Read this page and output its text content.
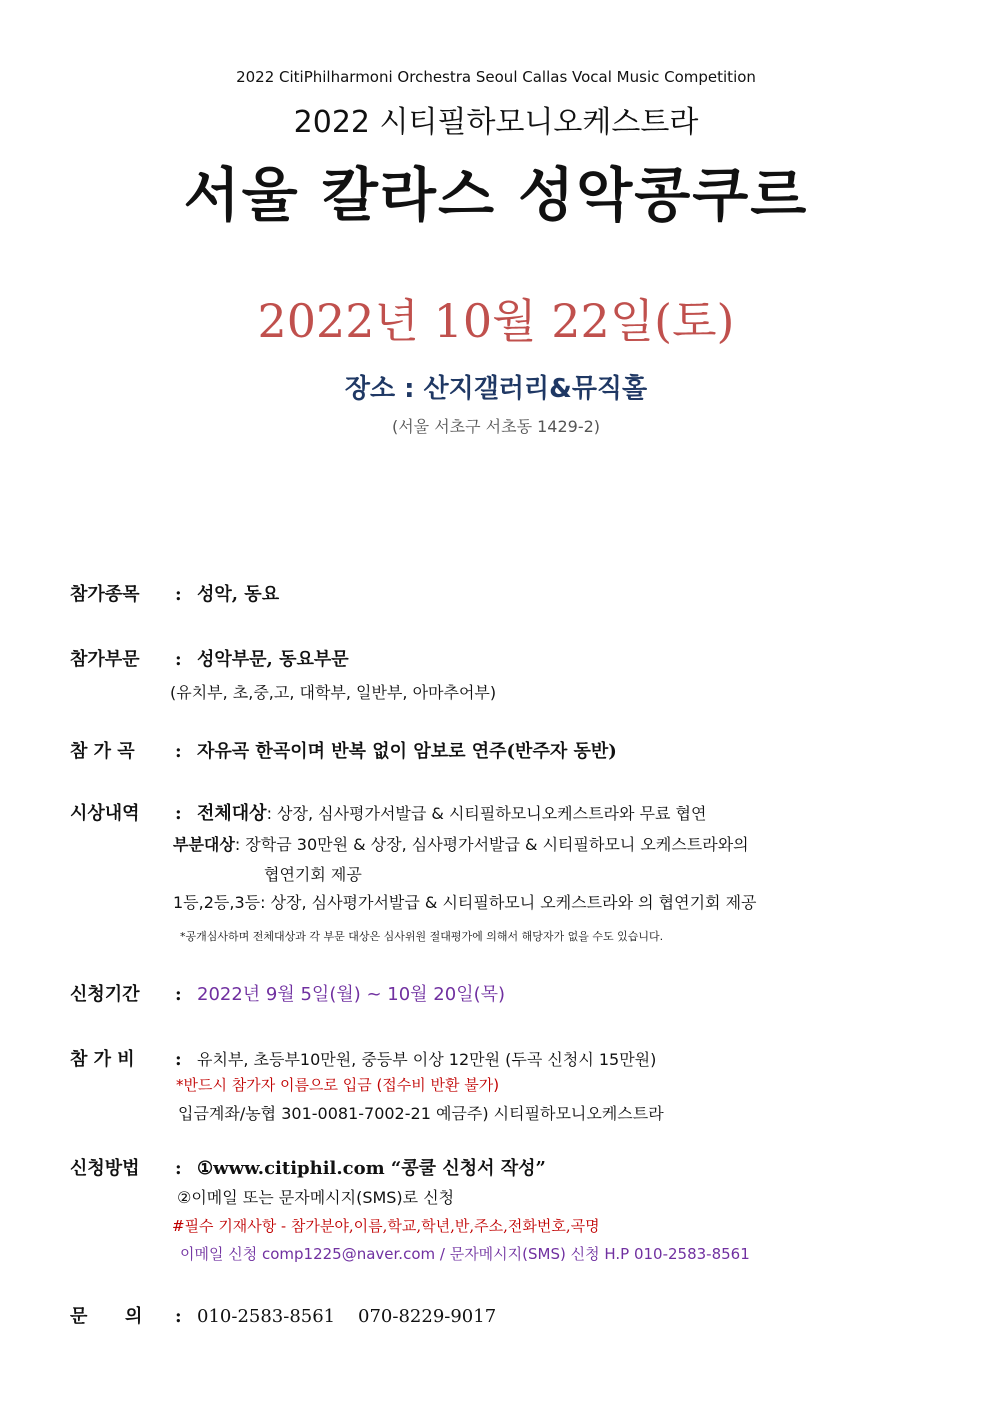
2022 CitiPhilharmoni Orchestra Seoul Callas Vocal Music Competition
2022 시티필하모니오케스트라
서울 칼라스 성악콩쿠르
2022년 10월 22일(토)
장소 : 산지갤러리&뮤직홀
(서울 서초구 서초동 1429-2)
참가종목 : 성악, 동요
참가부문 : 성악부문, 동요부문
(유치부, 초,중,고, 대학부, 일반부, 아마추어부)
참 가 곡 : 자유곡 한곡이며 반복 없이 암보로 연주(반주자 동반)
시상내역 : 전체대상: 상장, 심사평가서발급 & 시티필하모니오케스트라와 무료 협연
부분대상: 장학금 30만원 & 상장, 심사평가서발급 & 시티필하모니 오케스트라와의
협연기회 제공
1등,2등,3등: 상장, 심사평가서발급 & 시티필하모니 오케스트라와 의 협연기회 제공
*공개심사하며 전체대상과 각 부문 대상은 심사위원 절대평가에 의해서 해당자가 없을 수도 있습니다.
신청기간 : 2022년 9월 5일(월) ~ 10월 20일(목)
참 가 비 : 유치부, 초등부10만원, 중등부 이상 12만원 (두곡 신청시 15만원)
*반드시 참가자 이름으로 입금 (접수비 반환 불가)
입금계좌/농협 301-0081-7002-21 예금주) 시티필하모니오케스트라
신청방법 : ①www.citiphil.com “콩쿨 신청서 작성”
②이메일 또는 문자메시지(SMS)로 신청
#필수 기재사항 - 참가분야,이름,학교,학년,반,주소,전화번호,곡명
이메일 신청 comp1225@naver.com / 문자메시지(SMS) 신청 H.P 010-2583-8561
문      의 : 010-2583-8561    070-8229-9017
